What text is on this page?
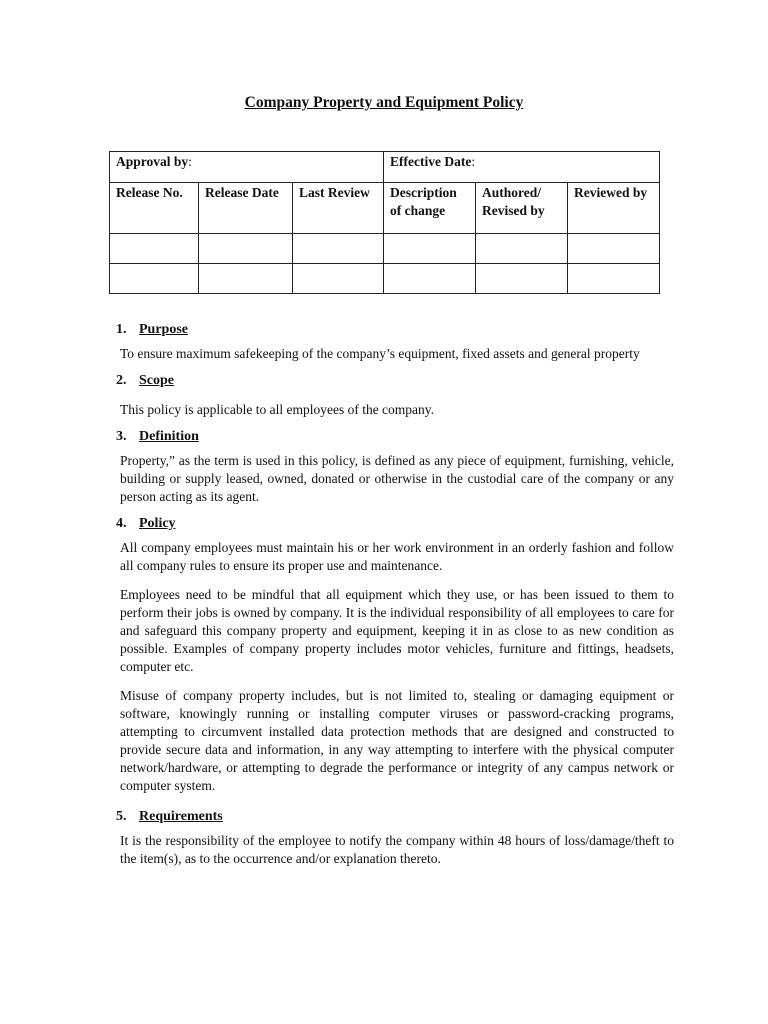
Company Property and Equipment Policy
Approval by:			Effective Date:		
Release No.	Release Date	Last Review	Description of change	Authored/ Revised by	Reviewed by

1. Purpose

To ensure maximum safekeeping of the company’s equipment, fixed assets and general property

2. Scope

This policy is applicable to all employees of the company.

3. Definition

Property,” as the term is used in this policy, is defined as any piece of equipment, furnishing, vehicle, building or supply leased, owned, donated or otherwise in the custodial care of the company or any person acting as its agent.

4. Policy

All company employees must maintain his or her work environment in an orderly fashion and follow all company rules to ensure its proper use and maintenance.

Employees need to be mindful that all equipment which they use, or has been issued to them to perform their jobs is owned by company. It is the individual responsibility of all employees to care for and safeguard this company property and equipment, keeping it in as close to as new condition as possible. Examples of company property includes motor vehicles, furniture and fittings, headsets, computer etc.

Misuse of company property includes, but is not limited to, stealing or damaging equipment or software, knowingly running or installing computer viruses or password-cracking programs, attempting to circumvent installed data protection methods that are designed and constructed to provide secure data and information, in any way attempting to interfere with the physical computer network/hardware, or attempting to degrade the performance or integrity of any campus network or computer system.

5. Requirements

It is the responsibility of the employee to notify the company within 48 hours of loss/damage/theft to the item(s), as to the occurrence and/or explanation thereto.
